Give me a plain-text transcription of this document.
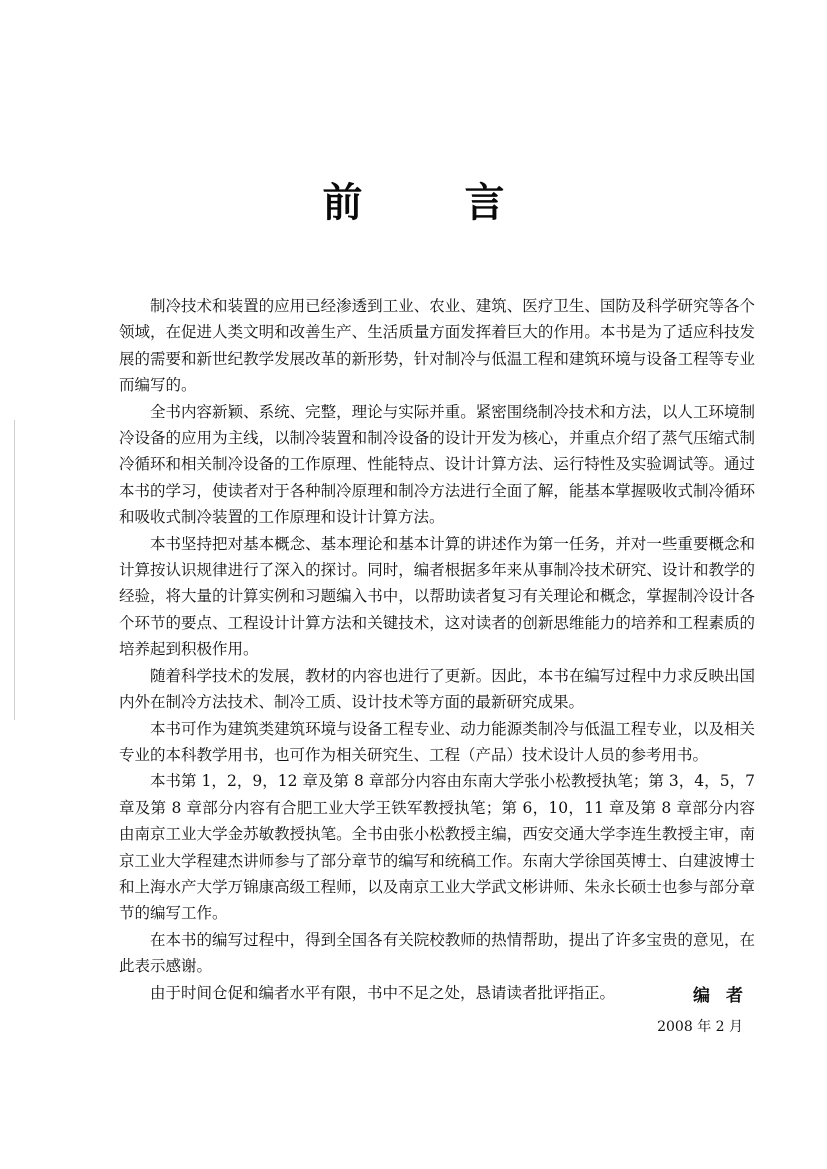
前 言

制冷技术和装置的应用已经渗透到工业、农业、建筑、医疗卫生、国防及科学研究等各个领域，在促进人类文明和改善生产、生活质量方面发挥着巨大的作用。本书是为了适应科技发展的需要和新世纪教学发展改革的新形势，针对制冷与低温工程和建筑环境与设备工程等专业而编写的。

全书内容新颖、系统、完整，理论与实际并重。紧密围绕制冷技术和方法，以人工环境制冷设备的应用为主线，以制冷装置和制冷设备的设计开发为核心，并重点介绍了蒸气压缩式制冷循环和相关制冷设备的工作原理、性能特点、设计计算方法、运行特性及实验调试等。通过本书的学习，使读者对于各种制冷原理和制冷方法进行全面了解，能基本掌握吸收式制冷循环和吸收式制冷装置的工作原理和设计计算方法。

本书坚持把对基本概念、基本理论和基本计算的讲述作为第一任务，并对一些重要概念和计算按认识规律进行了深入的探讨。同时，编者根据多年来从事制冷技术研究、设计和教学的经验，将大量的计算实例和习题编入书中，以帮助读者复习有关理论和概念，掌握制冷设计各个环节的要点、工程设计计算方法和关键技术，这对读者的创新思维能力的培养和工程素质的培养起到积极作用。

随着科学技术的发展，教材的内容也进行了更新。因此，本书在编写过程中力求反映出国内外在制冷方法技术、制冷工质、设计技术等方面的最新研究成果。

本书可作为建筑类建筑环境与设备工程专业、动力能源类制冷与低温工程专业，以及相关专业的本科教学用书，也可作为相关研究生、工程（产品）技术设计人员的参考用书。

本书第 1，2，9，12 章及第 8 章部分内容由东南大学张小松教授执笔；第 3，4，5，7 章及第 8 章部分内容有合肥工业大学王铁军教授执笔；第 6，10，11 章及第 8 章部分内容由南京工业大学金苏敏教授执笔。全书由张小松教授主编，西安交通大学李连生教授主审，南京工业大学程建杰讲师参与了部分章节的编写和统稿工作。东南大学徐国英博士、白建波博士和上海水产大学万锦康高级工程师，以及南京工业大学武文彬讲师、朱永长硕士也参与部分章节的编写工作。

在本书的编写过程中，得到全国各有关院校教师的热情帮助，提出了许多宝贵的意见，在此表示感谢。

由于时间仓促和编者水平有限，书中不足之处，恳请读者批评指正。	编者
2008 年 2 月
